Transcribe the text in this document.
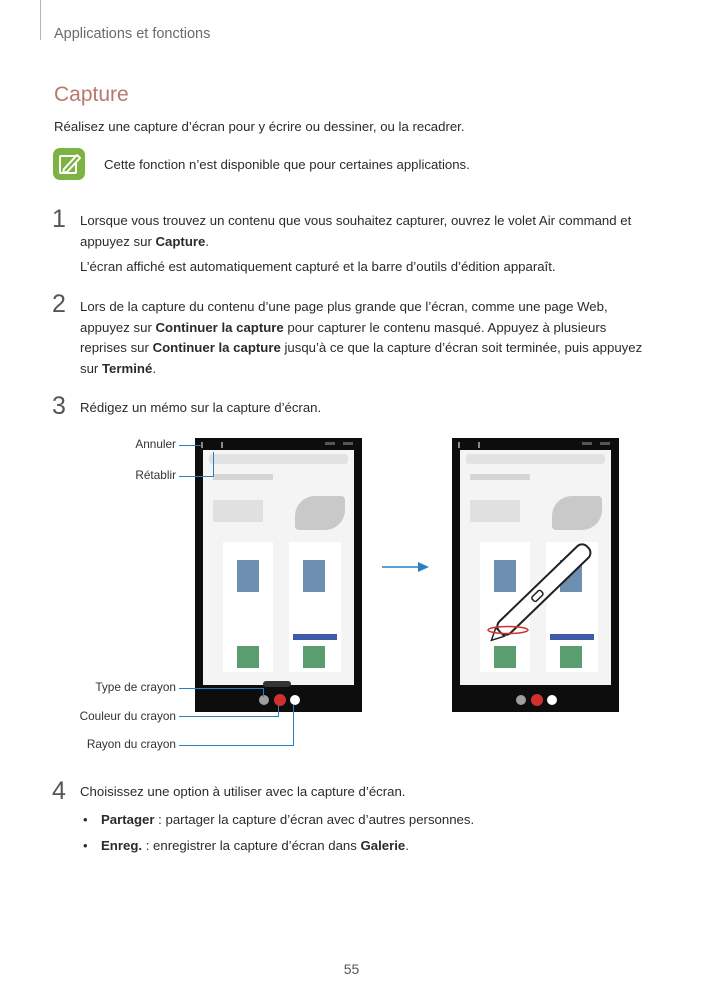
Applications et fonctions
Capture
Réalisez une capture d’écran pour y écrire ou dessiner, ou la recadrer.
Cette fonction n’est disponible que pour certaines applications.
1 Lorsque vous trouvez un contenu que vous souhaitez capturer, ouvrez le volet Air command et appuyez sur Capture.
L’écran affiché est automatiquement capturé et la barre d’outils d’édition apparaît.
2 Lors de la capture du contenu d’une page plus grande que l’écran, comme une page Web, appuyez sur Continuer la capture pour capturer le contenu masqué. Appuyez à plusieurs reprises sur Continuer la capture jusqu’à ce que la capture d’écran soit terminée, puis appuyez sur Terminé.
3 Rédigez un mémo sur la capture d’écran.
Annuler
Rétablir
Type de crayon
Couleur du crayon
Rayon du crayon
4 Choisissez une option à utiliser avec la capture d’écran.
• Partager : partager la capture d’écran avec d’autres personnes.
• Enreg. : enregistrer la capture d’écran dans Galerie.
55
